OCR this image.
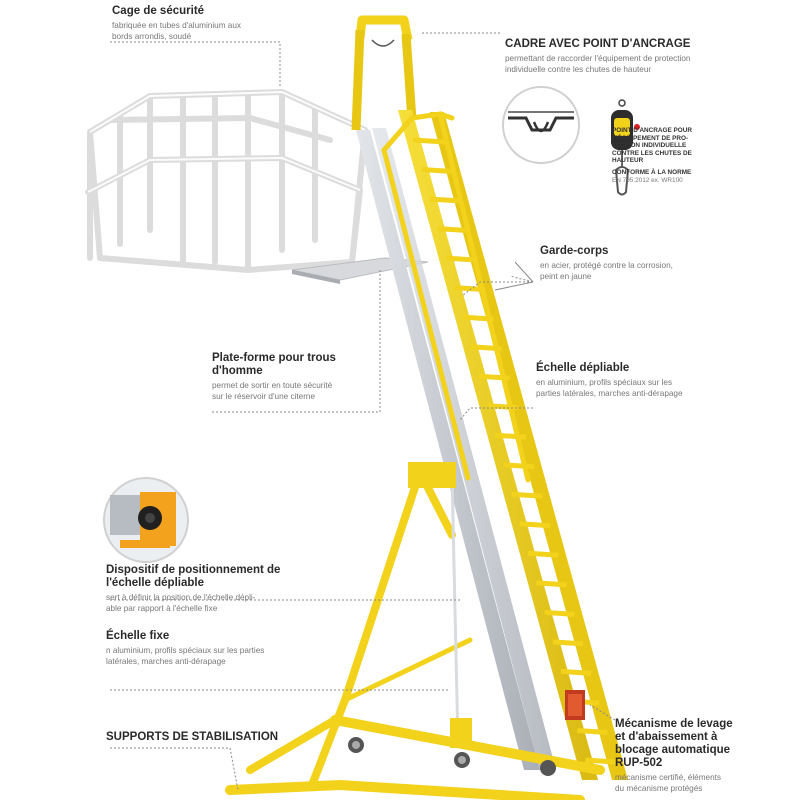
Cage de sécurité
fabriquée en tubes d'aluminium aux
bords arrondis, soudé
CADRE AVEC POINT D'ANCRAGE
permettant de raccorder l'équipement de protection
individuelle contre les chutes de hauteur
POINT D'ANCRAGE POUR
L'ÉQUIPEMENT DE PRO-
TECTION INDIVIDUELLE
CONTRE LES CHUTES DE
HAUTEUR
CONFORME À LA NORME
EN 795:2012 ex. WR100
Garde-corps
en acier, protégé contre la corrosion,
peint en jaune
Plate-forme pour trous
d'homme
permet de sortir en toute sécurité
sur le réservoir d'une citerne
Échelle dépliable
en aluminium, profils spéciaux sur les
parties latérales, marches anti-dérapage
Dispositif de positionnement de
l'échelle dépliable
sert à définir la position de l'échelle dépli-
able par rapport à l'échelle fixe
Échelle fixe
n aluminium, profils spéciaux sur les parties
latérales, marches anti-dérapage
SUPPORTS DE STABILISATION
Mécanisme de levage
et d'abaissement à
blocage automatique
RUP-502
mécanisme certifié, éléments
du mécanisme protégés
